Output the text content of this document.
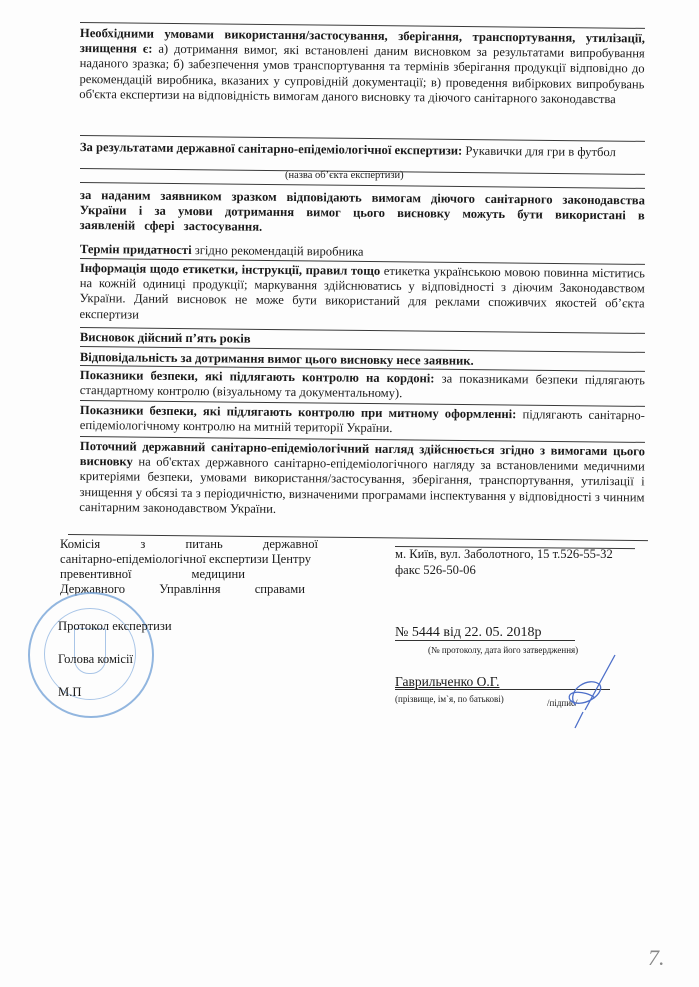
Необхідними умовами використання/застосування, зберігання, транспортування, утилізації, знищення є: а) дотримання вимог, які встановлені даним висновком за результатами випробування наданого зразка; б) забезпечення умов транспортування та термінів зберігання продукції відповідно до рекомендацій виробника, вказаних у супровідній документації; в) проведення вибіркових випробувань об'єкта експертизи на відповідність вимогам даного висновку та діючого санітарного законодавства
За результатами державної санітарно-епідеміологічної експертизи: Рукавички для гри в футбол
(назва об’єкта експертизи)
за наданим заявником зразком відповідають вимогам діючого санітарного законодавства України і за умови дотримання вимог цього висновку можуть бути використані в заявленій сфері застосування.
Термін придатності згідно рекомендацій виробника
Інформація щодо етикетки, інструкції, правил тощо етикетка українською мовою повинна міститись на кожній одиниці продукції; маркування здійснюватись у відповідності з діючим Законодавством України. Даний висновок не може бути використаний для реклами споживчих якостей об’єкта експертизи
Висновок дійсний п’ять років
Відповідальність за дотримання вимог цього висновку несе заявник.
Показники безпеки, які підлягають контролю на кордоні: за показниками безпеки підлягають стандартному контролю (візуальному та документальному).
Показники безпеки, які підлягають контролю при митному оформленні: підлягають санітарно-епідеміологічному контролю на митній території України.
Поточний державний санітарно-епідеміологічний нагляд здійснюється згідно з вимогами цього висновку на об'єктах державного санітарно-епідеміологічного нагляду за встановленими медичними критеріями безпеки, умовами використання/застосування, зберігання, транспортування, утилізації і знищення у обсязі та з періодичністю, визначеними програмами інспектування у відповідності з чинним санітарним законодавством України.
Комісія з питань державної
санітарно-епідеміологічної експертизи Центру
превентивної медицини
Державного Управління справами
м. Київ, вул. Заболотного, 15 т.526-55-32
факс 526-50-06
Протокол експертизи
Голова комісії
М.П
№ 5444 від 22. 05. 2018р
(№ протоколу, дата його затвердження)
Гаврильченко О.Г.
(прізвище, ім`я, по батькові)	/підпис/
7.
